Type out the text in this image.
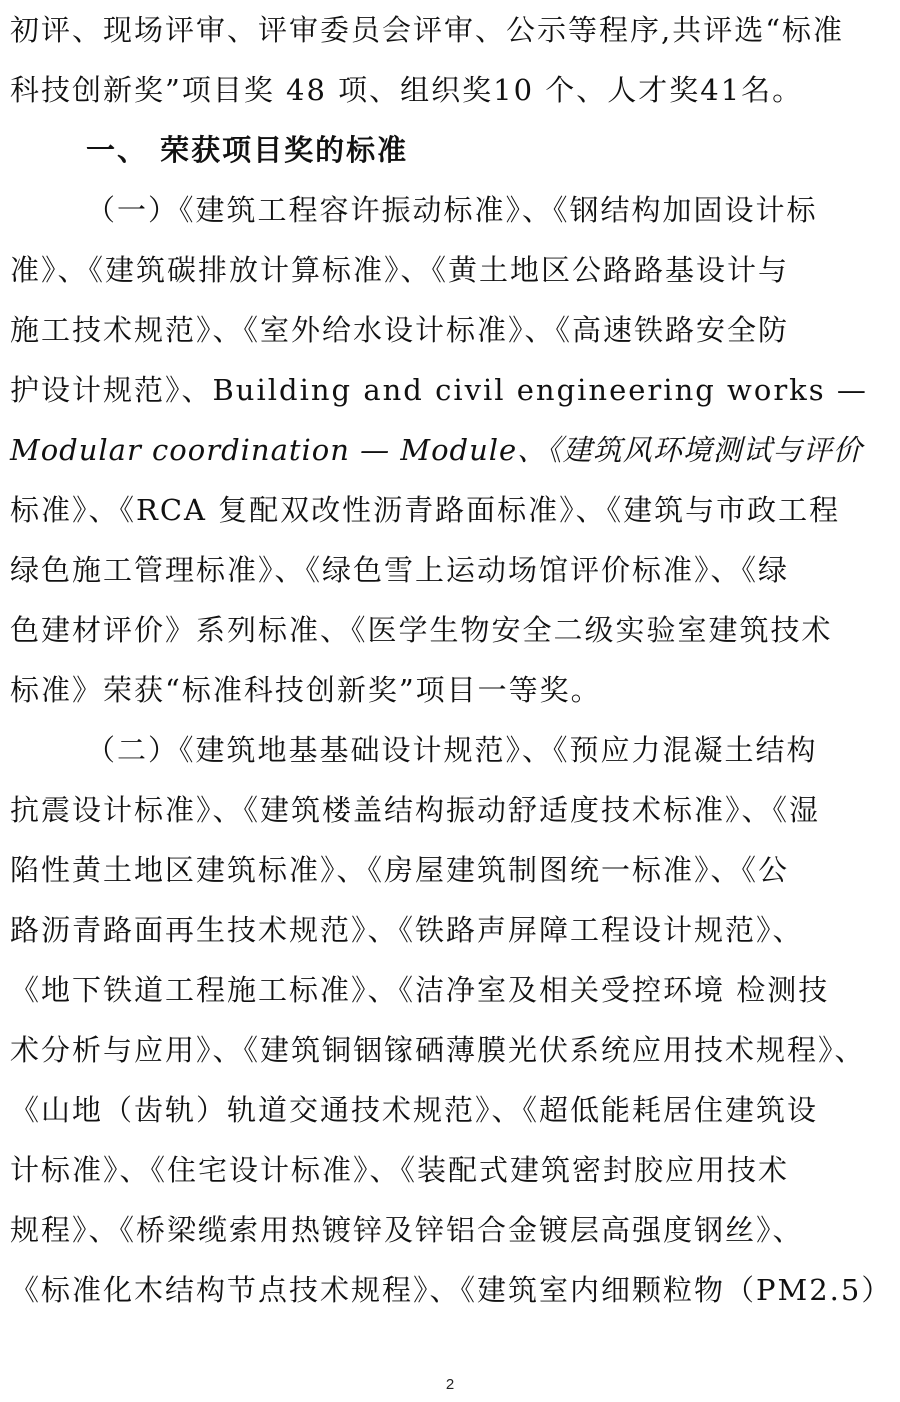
初评、现场评审、评审委员会评审、公示等程序,共评选“标准
科技创新奖”项目奖 48 项、组织奖10 个、人才奖41名。
一、 荣获项目奖的标准
（一）《建筑工程容许振动标准》、《钢结构加固设计标
准》、《建筑碳排放计算标准》、《黄土地区公路路基设计与
施工技术规范》、《室外给水设计标准》、《高速铁路安全防
护设计规范》、Building and civil engineering works —
Modular coordination — Module、《建筑风环境测试与评价
标准》、《RCA 复配双改性沥青路面标准》、《建筑与市政工程
绿色施工管理标准》、《绿色雪上运动场馆评价标准》、《绿
色建材评价》系列标准、《医学生物安全二级实验室建筑技术
标准》荣获“标准科技创新奖”项目一等奖。
（二）《建筑地基基础设计规范》、《预应力混凝土结构
抗震设计标准》、《建筑楼盖结构振动舒适度技术标准》、《湿
陷性黄土地区建筑标准》、《房屋建筑制图统一标准》、《公
路沥青路面再生技术规范》、《铁路声屏障工程设计规范》、
《地下铁道工程施工标准》、《洁净室及相关受控环境 检测技
术分析与应用》、《建筑铜铟镓硒薄膜光伏系统应用技术规程》、
《山地（齿轨）轨道交通技术规范》、《超低能耗居住建筑设
计标准》、《住宅设计标准》、《装配式建筑密封胶应用技术
规程》、《桥梁缆索用热镀锌及锌铝合金镀层高强度钢丝》、
《标准化木结构节点技术规程》、《建筑室内细颗粒物（PM2.5）
2
